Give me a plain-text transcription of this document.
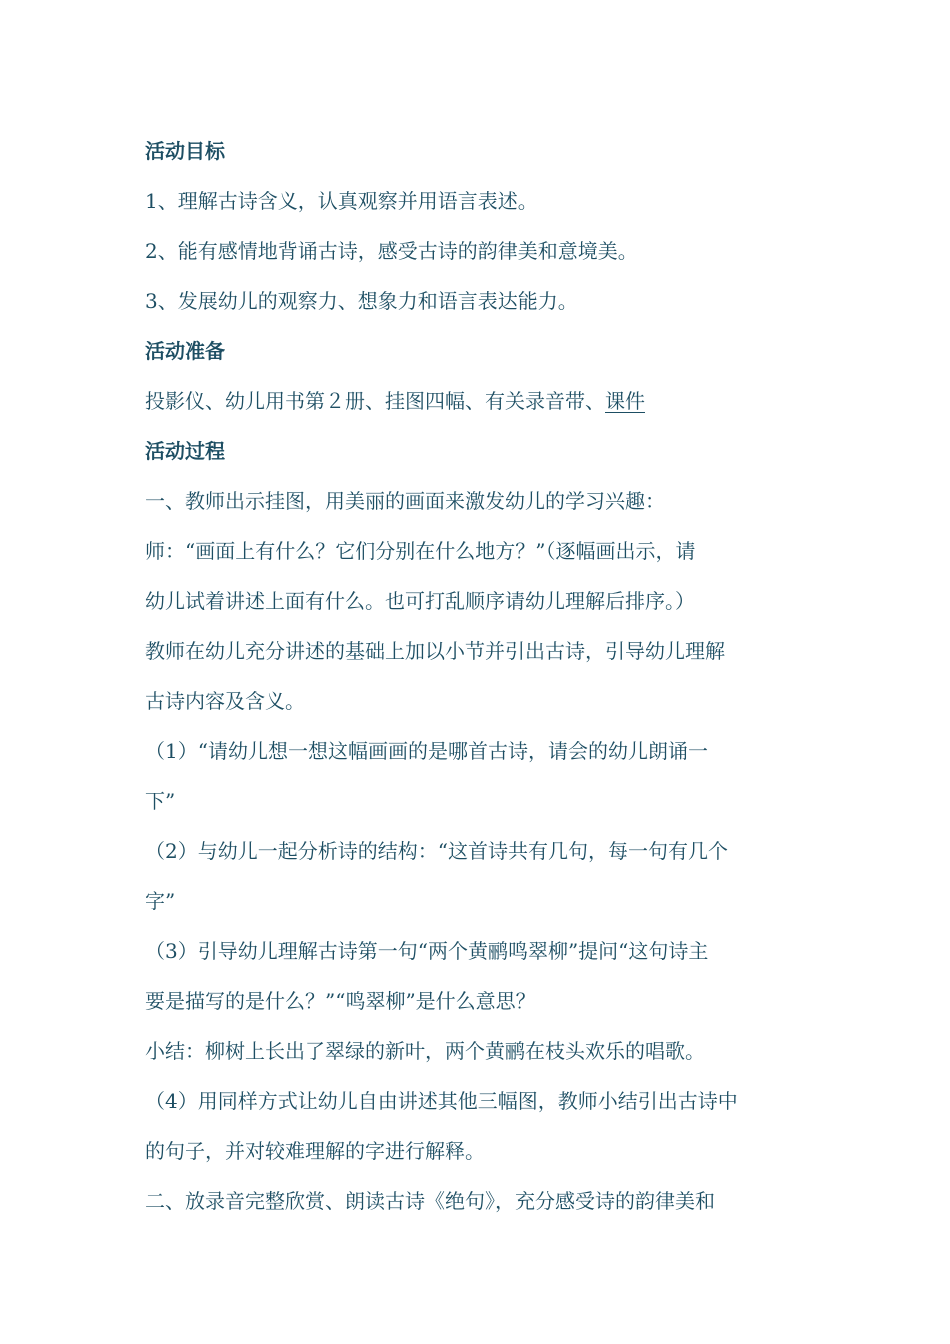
活动目标
1、理解古诗含义，认真观察并用语言表述。
2、能有感情地背诵古诗，感受古诗的韵律美和意境美。
3、发展幼儿的观察力、想象力和语言表达能力。
活动准备
投影仪、幼儿用书第２册、挂图四幅、有关录音带、课件
活动过程
一、教师出示挂图，用美丽的画面来激发幼儿的学习兴趣：
师：“画面上有什么？它们分别在什么地方？”（逐幅画出示，请
幼儿试着讲述上面有什么。也可打乱顺序请幼儿理解后排序。）
教师在幼儿充分讲述的基础上加以小节并引出古诗，引导幼儿理解
古诗内容及含义。
（1）“请幼儿想一想这幅画画的是哪首古诗，请会的幼儿朗诵一
下”
（2）与幼儿一起分析诗的结构：“这首诗共有几句，每一句有几个
字”
（3）引导幼儿理解古诗第一句“两个黄鹂鸣翠柳”提问“这句诗主
要是描写的是什么？”“鸣翠柳”是什么意思？
小结：柳树上长出了翠绿的新叶，两个黄鹂在枝头欢乐的唱歌。
（4）用同样方式让幼儿自由讲述其他三幅图，教师小结引出古诗中
的句子，并对较难理解的字进行解释。
二、放录音完整欣赏、朗读古诗《绝句》，充分感受诗的韵律美和
